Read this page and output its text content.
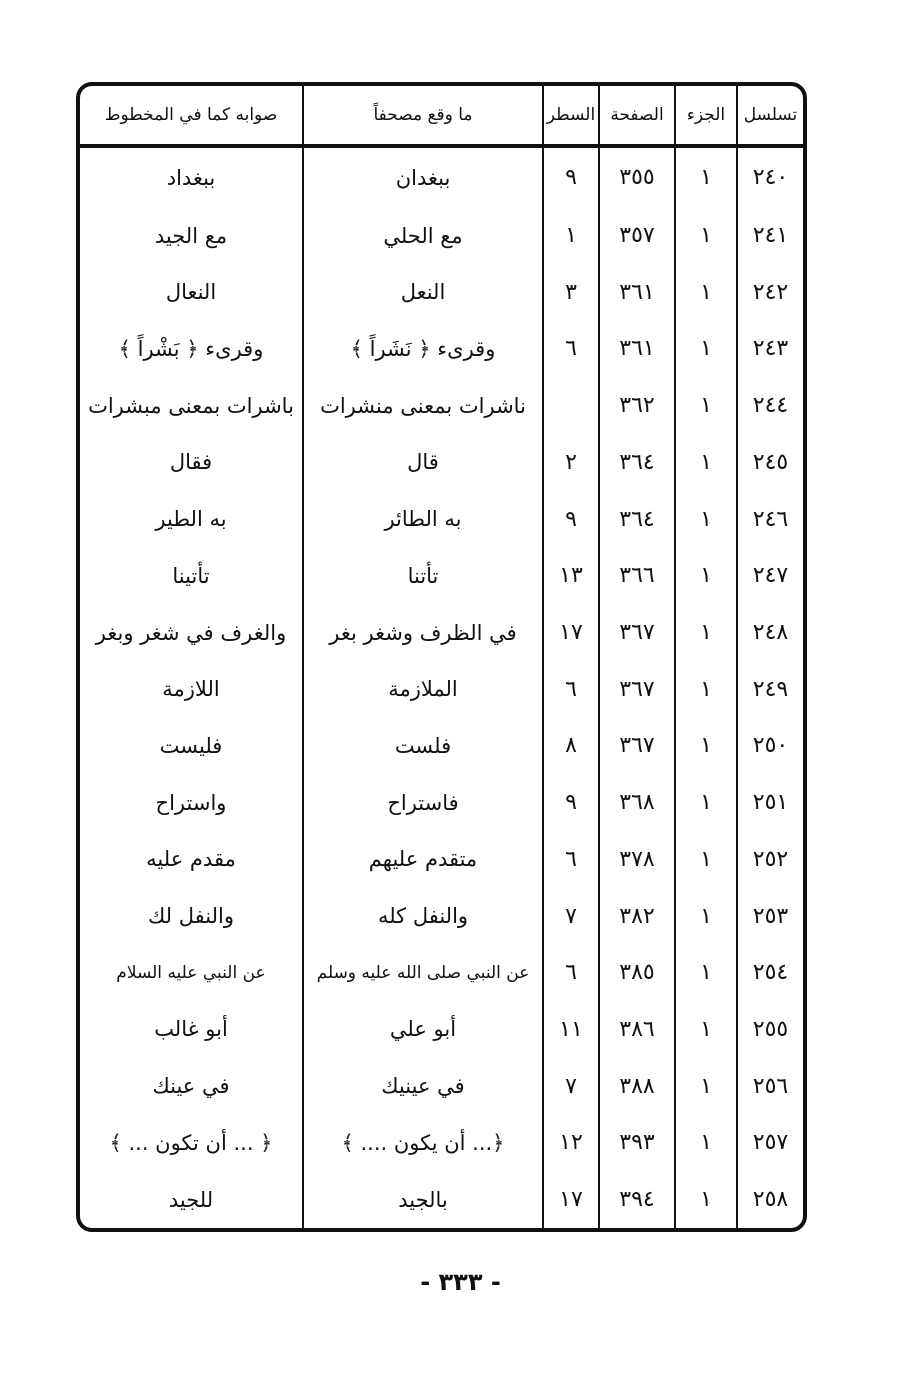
تسلسل	الجزء	الصفحة	السطر	ما وقع مصحفاً	صوابه كما في المخطوط
٢٤٠	١	٣٥٥	٩	ببغدان	ببغداد
٢٤١	١	٣٥٧	١	مع الحلي	مع الجيد
٢٤٢	١	٣٦١	٣	النعل	النعال
٢٤٣	١	٣٦١	٦	وقرىء ﴿ نَشَراً ﴾	وقرىء ﴿ بَشْراً ﴾
٢٤٤	١	٣٦٢		ناشرات بمعنى منشرات	باشرات بمعنى مبشرات
٢٤٥	١	٣٦٤	٢	قال	فقال
٢٤٦	١	٣٦٤	٩	به الطائر	به الطير
٢٤٧	١	٣٦٦	١٣	تأتنا	تأتينا
٢٤٨	١	٣٦٧	١٧	في الظرف وشغر بغر	والغرف في شغر وبغر
٢٤٩	١	٣٦٧	٦	الملازمة	اللازمة
٢٥٠	١	٣٦٧	٨	فلست	فليست
٢٥١	١	٣٦٨	٩	فاستراح	واستراح
٢٥٢	١	٣٧٨	٦	متقدم عليهم	مقدم عليه
٢٥٣	١	٣٨٢	٧	والنفل كله	والنفل لك
٢٥٤	١	٣٨٥	٦	عن النبي صلى الله عليه وسلم	عن النبي عليه السلام
٢٥٥	١	٣٨٦	١١	أبو علي	أبو غالب
٢٥٦	١	٣٨٨	٧	في عينيك	في عينك
٢٥٧	١	٣٩٣	١٢	﴿... أن يكون .... ﴾	﴿ ... أن تكون ... ﴾
٢٥٨	١	٣٩٤	١٧	بالجيد	للجيد
- ٣٣٣ -
